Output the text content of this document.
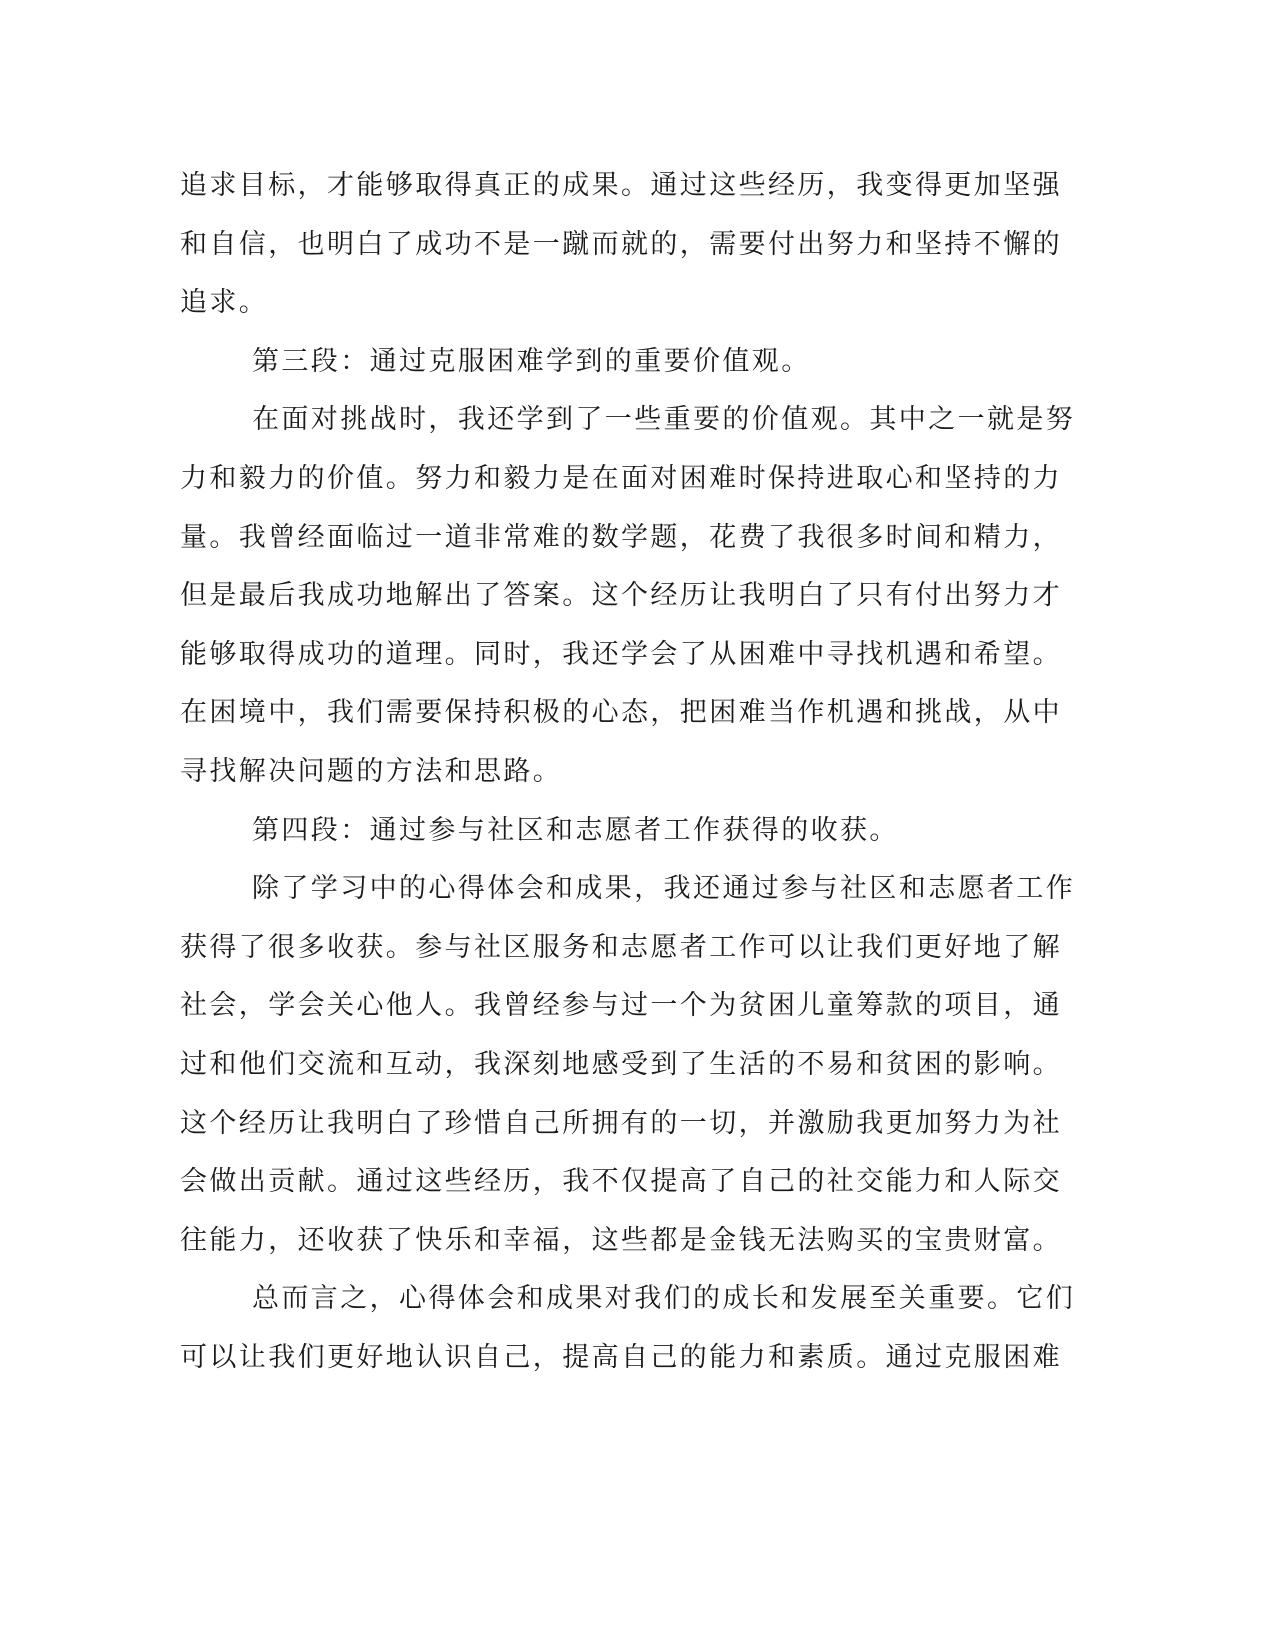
追求目标，才能够取得真正的成果。通过这些经历，我变得更加坚强
和自信，也明白了成功不是一蹴而就的，需要付出努力和坚持不懈的
追求。
第三段：通过克服困难学到的重要价值观。
在面对挑战时，我还学到了一些重要的价值观。其中之一就是努
力和毅力的价值。努力和毅力是在面对困难时保持进取心和坚持的力
量。我曾经面临过一道非常难的数学题，花费了我很多时间和精力，
但是最后我成功地解出了答案。这个经历让我明白了只有付出努力才
能够取得成功的道理。同时，我还学会了从困难中寻找机遇和希望。
在困境中，我们需要保持积极的心态，把困难当作机遇和挑战，从中
寻找解决问题的方法和思路。
第四段：通过参与社区和志愿者工作获得的收获。
除了学习中的心得体会和成果，我还通过参与社区和志愿者工作
获得了很多收获。参与社区服务和志愿者工作可以让我们更好地了解
社会，学会关心他人。我曾经参与过一个为贫困儿童筹款的项目，通
过和他们交流和互动，我深刻地感受到了生活的不易和贫困的影响。
这个经历让我明白了珍惜自己所拥有的一切，并激励我更加努力为社
会做出贡献。通过这些经历，我不仅提高了自己的社交能力和人际交
往能力，还收获了快乐和幸福，这些都是金钱无法购买的宝贵财富。
总而言之，心得体会和成果对我们的成长和发展至关重要。它们
可以让我们更好地认识自己，提高自己的能力和素质。通过克服困难
